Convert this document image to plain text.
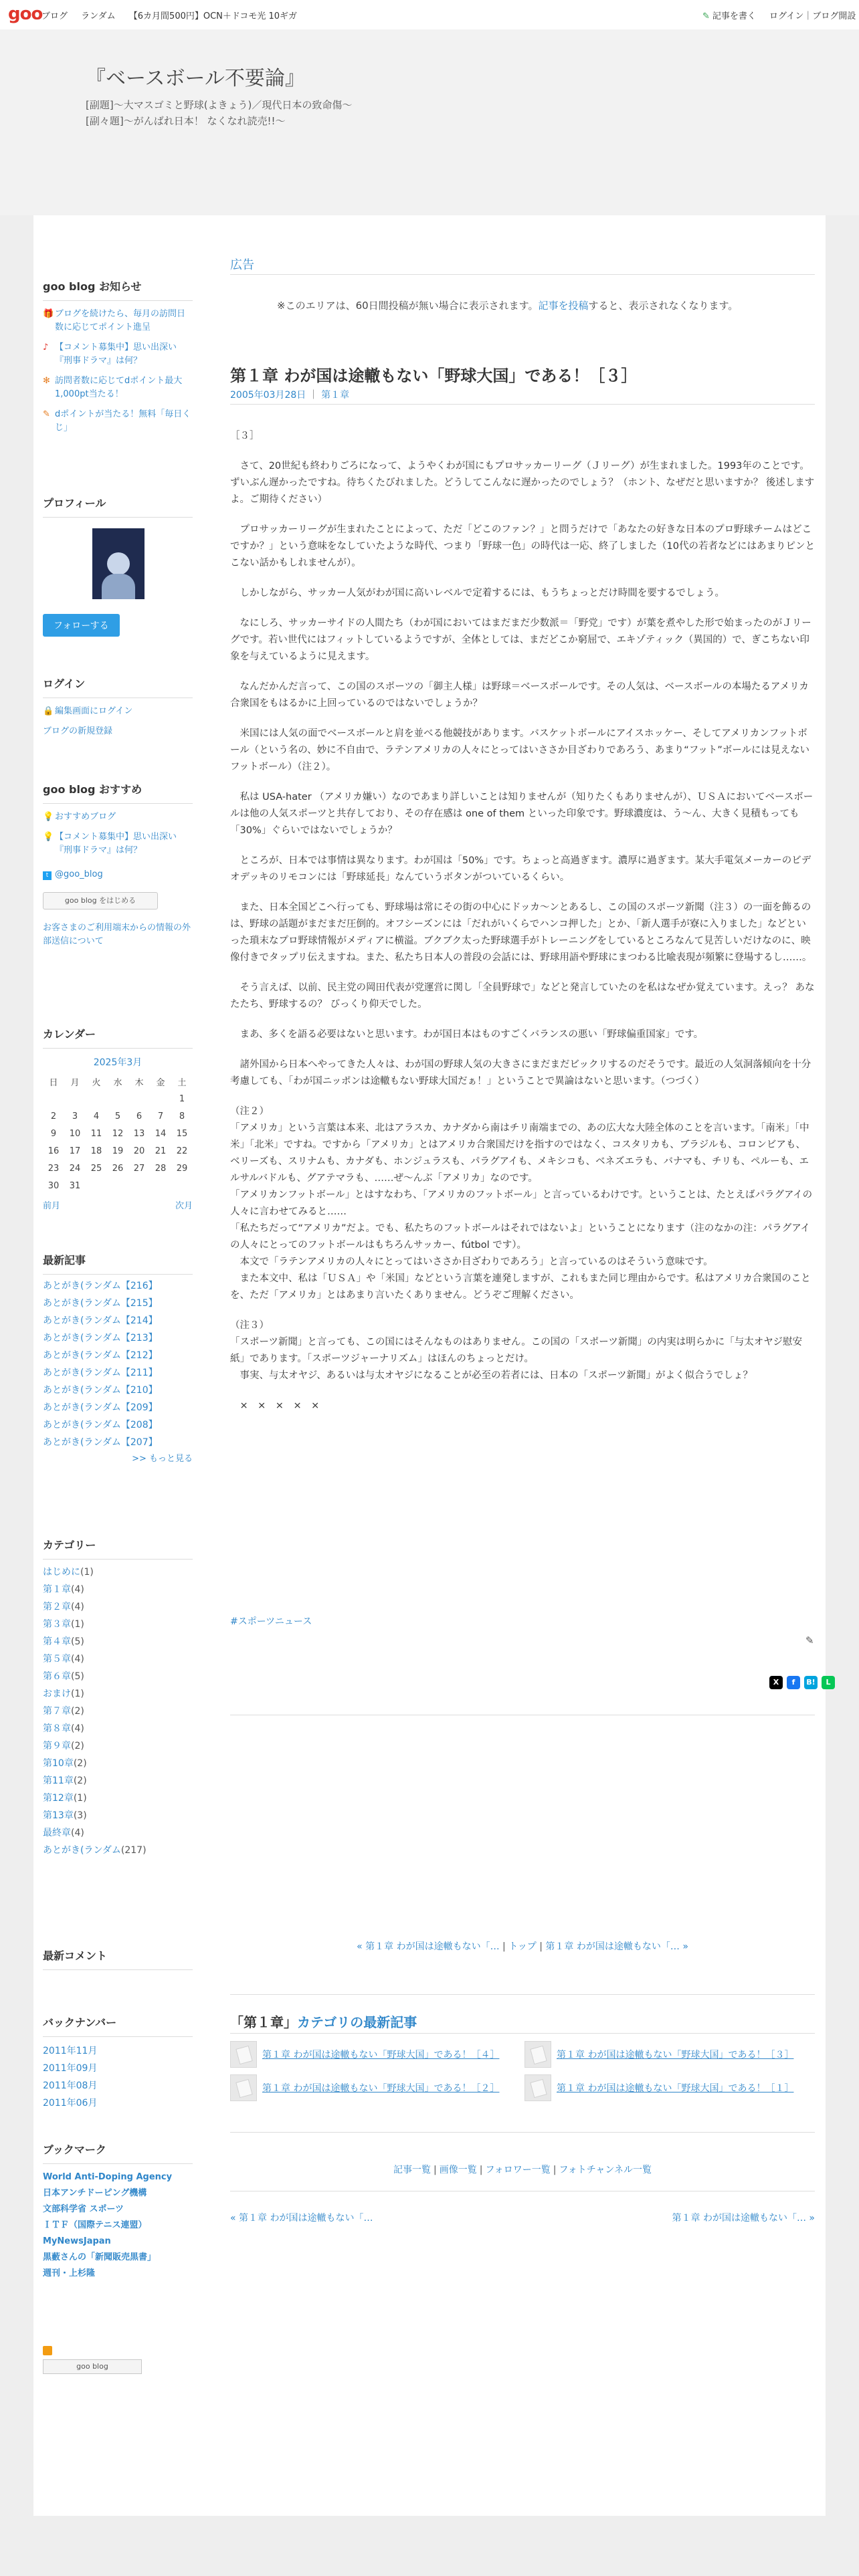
goo
ブログ ランダム 【6カ月間500円】OCN＋ドコモ光 10ギガ	✎ 記事を書く ログイン｜ブログ開設
『ベースボール不要論』
[副題]〜大マスゴミと野球(よきょう)／現代日本の致命傷〜
[副々題]〜がんばれ日本！ なくなれ読売!!〜
goo blog お知らせ
🎁 ブログを続けたら、毎月の訪問日数に応じてポイント進呈
♪ 【コメント募集中】思い出深い『刑事ドラマ』は何？
✻ 訪問者数に応じてdポイント最大1,000pt当たる！
✎ dポイントが当たる！無料「毎日くじ」
プロフィール
フォローする
ログイン
🔒 編集画面にログイン
ブログの新規登録
goo blog おすすめ
💡 おすすめブログ
💡 【コメント募集中】思い出深い『刑事ドラマ』は何？
t @goo_blog
goo blog をはじめる
お客さまのご利用端末からの情報の外部送信について
カレンダー
2025年3月
日	月	火	水	木	金	土
						1
2	3	4	5	6	7	8
9	10	11	12	13	14	15
16	17	18	19	20	21	22
23	24	25	26	27	28	29
30	31					
前月	次月
最新記事
あとがき(ランダム【216】
あとがき(ランダム【215】
あとがき(ランダム【214】
あとがき(ランダム【213】
あとがき(ランダム【212】
あとがき(ランダム【211】
あとがき(ランダム【210】
あとがき(ランダム【209】
あとがき(ランダム【208】
あとがき(ランダム【207】
>> もっと見る
カテゴリー
はじめに(1)
第１章(4)
第２章(4)
第３章(1)
第４章(5)
第５章(4)
第６章(5)
おまけ(1)
第７章(2)
第８章(4)
第９章(2)
第10章(2)
第11章(2)
第12章(1)
第13章(3)
最終章(4)
あとがき(ランダム(217)
最新コメント
バックナンバー
2011年11月
2011年09月
2011年08月
2011年06月
ブックマーク
World Anti-Doping Agency
日本アンチドーピング機構
文部科学省 スポーツ
ＩＴＦ（国際テニス連盟）
MyNewsJapan
黒藪さんの「新聞販売黒書」
週刊・上杉隆
goo blog
広告
※このエリアは、60日間投稿が無い場合に表示されます。記事を投稿すると、表示されなくなります。
第１章 わが国は途轍もない「野球大国」である！［３］
2005年03月28日 ｜ 第１章

［３］

　さて、20世紀も終わりごろになって、ようやくわが国にもプロサッカーリーグ（Ｊリーグ）が生まれました。1993年のことです。ずいぶん遅かったですね。待ちくたびれました。どうしてこんなに遅かったのでしょう？（ホント、なぜだと思いますか？ 後述しますよ。ご期待ください）

　プロサッカーリーグが生まれたことによって、ただ「どこのファン？」と問うだけで「あなたの好きな日本のプロ野球チームはどこですか？」という意味をなしていたような時代、つまり「野球一色」の時代は一応、終了しました（10代の若者などにはあまりピンとこない話かもしれませんが）。

　しかしながら、サッカー人気がわが国に高いレベルで定着するには、もうちょっとだけ時間を要するでしょう。

　なにしろ、サッカーサイドの人間たち（わが国においてはまだまだ少数派＝「野党」です）が葉を煮やした形で始まったのがＪリーグです。若い世代にはフィットしているようですが、全体としては、まだどこか窮屈で、エキゾティック（異国的）で、ぎこちない印象を与えているように見えます。

　なんだかんだ言って、この国のスポーツの「御主人様」は野球＝ベースボールです。その人気は、ベースボールの本場たるアメリカ合衆国をもはるかに上回っているのではないでしょうか？

　米国には人気の面でベースボールと肩を並べる他競技があります。バスケットボールにアイスホッケー、そしてアメリカンフットボール（という名の、妙に不自由で、ラテンアメリカの人々にとってはいささか目ざわりであろう、あまり“フット”ボールには見えないフットボール）（注２）。

　私は USA-hater （アメリカ嫌い）なのであまり詳しいことは知りませんが（知りたくもありませんが）、ＵＳＡにおいてベースボールは他の人気スポーツと共存しており、その存在感は one of them といった印象です。野球濃度は、う～ん、大きく見積もっても「30%」ぐらいではないでしょうか？

　ところが、日本では事情は異なります。わが国は「50%」です。ちょっと高過ぎます。濃厚に過ぎます。某大手電気メーカーのビデオデッキのリモコンには「野球延長」なんていうボタンがついているくらい。

　また、日本全国どこへ行っても、野球場は常にその街の中心にドッカ～ンとあるし、この国のスポーツ新聞（注３）の一面を飾るのは、野球の話題がまだまだ圧倒的。オフシーズンには「だれがいくらでハンコ押した」とか、「新人選手が寮に入りました」などといった瑣末なプロ野球情報がメディアに横溢。ブクブク太った野球選手がトレーニングをしているところなんて見苦しいだけなのに、映像付きでタップリ伝えますね。また、私たち日本人の普段の会話には、野球用語や野球にまつわる比喩表現が頻繁に登場するし……。

　そう言えば、以前、民主党の岡田代表が党運営に関し「全員野球で」などと発言していたのを私はなぜか覚えています。えっ？ あなたたち、野球するの？ びっくり仰天でした。

　まあ、多くを語る必要はないと思います。わが国日本はものすごくバランスの悪い「野球偏重国家」です。

　諸外国から日本へやってきた人々は、わが国の野球人気の大きさにまだまだビックリするのだそうです。最近の人気洞落傾向を十分考慮しても、「わが国ニッポンは途轍もない野球大国だぁ！」ということで異論はないと思います。（つづく）

（注２）
「アメリカ」という言葉は本来、北はアラスカ、カナダから南はチリ南端までの、あの広大な大陸全体のことを言います。「南米」「中米」「北米」ですね。ですから「アメリカ」とはアメリカ合衆国だけを指すのではなく、コスタリカも、ブラジルも、コロンビアも、ベリーズも、スリナムも、カナダも、ホンジュラスも、パラグアイも、メキシコも、ベネズエラも、バナマも、チリも、ペルーも、エルサルバドルも、グアテマラも、……ぜ～んぶ「アメリカ」なのです。
「アメリカンフットボール」とはすなわち、「アメリカのフットボール」と言っているわけです。ということは、たとえばパラグアイの人々に言わせてみると……
「私たちだって“アメリカ”だよ。でも、私たちのフットボールはそれではないよ」ということになります（注のなかの注：パラグアイの人々にとってのフットボールはもちろんサッカー、fútbol です）。
　本文で「ラテンアメリカの人々にとってはいささか目ざわりであろう」と言っているのはそういう意味です。
　また本文中、私は「ＵＳＡ」や「米国」などという言葉を連発しますが、これもまた同じ理由からです。私はアメリカ合衆国のことを、ただ「アメリカ」とはあまり言いたくありません。どうぞご理解ください。

（注３）
「スポーツ新聞」と言っても、この国にはそんなものはありません。この国の「スポーツ新聞」の内実は明らかに「与太オヤジ慰安紙」であります。「スポーツジャーナリズム」はほんのちょっとだけ。
　事実、与太オヤジ、あるいは与太オヤジになることが必至の若者には、日本の「スポーツ新聞」がよく似合うでしょ？

　×　×　×　×　×

#スポーツニュース
✎
X	f	B!	L
« 第１章 わが国は途轍もない「… | トップ | 第１章 わが国は途轍もない「… »
「第１章」カテゴリの最新記事
第１章 わが国は途轍もない「野球大国」である！［４］	第１章 わが国は途轍もない「野球大国」である！［３］
第１章 わが国は途轍もない「野球大国」である！［２］	第１章 わが国は途轍もない「野球大国」である！［１］
記事一覧 | 画像一覧 | フォロワー一覧 | フォトチャンネル一覧
« 第１章 わが国は途轍もない「…	第１章 わが国は途轍もない「… »
